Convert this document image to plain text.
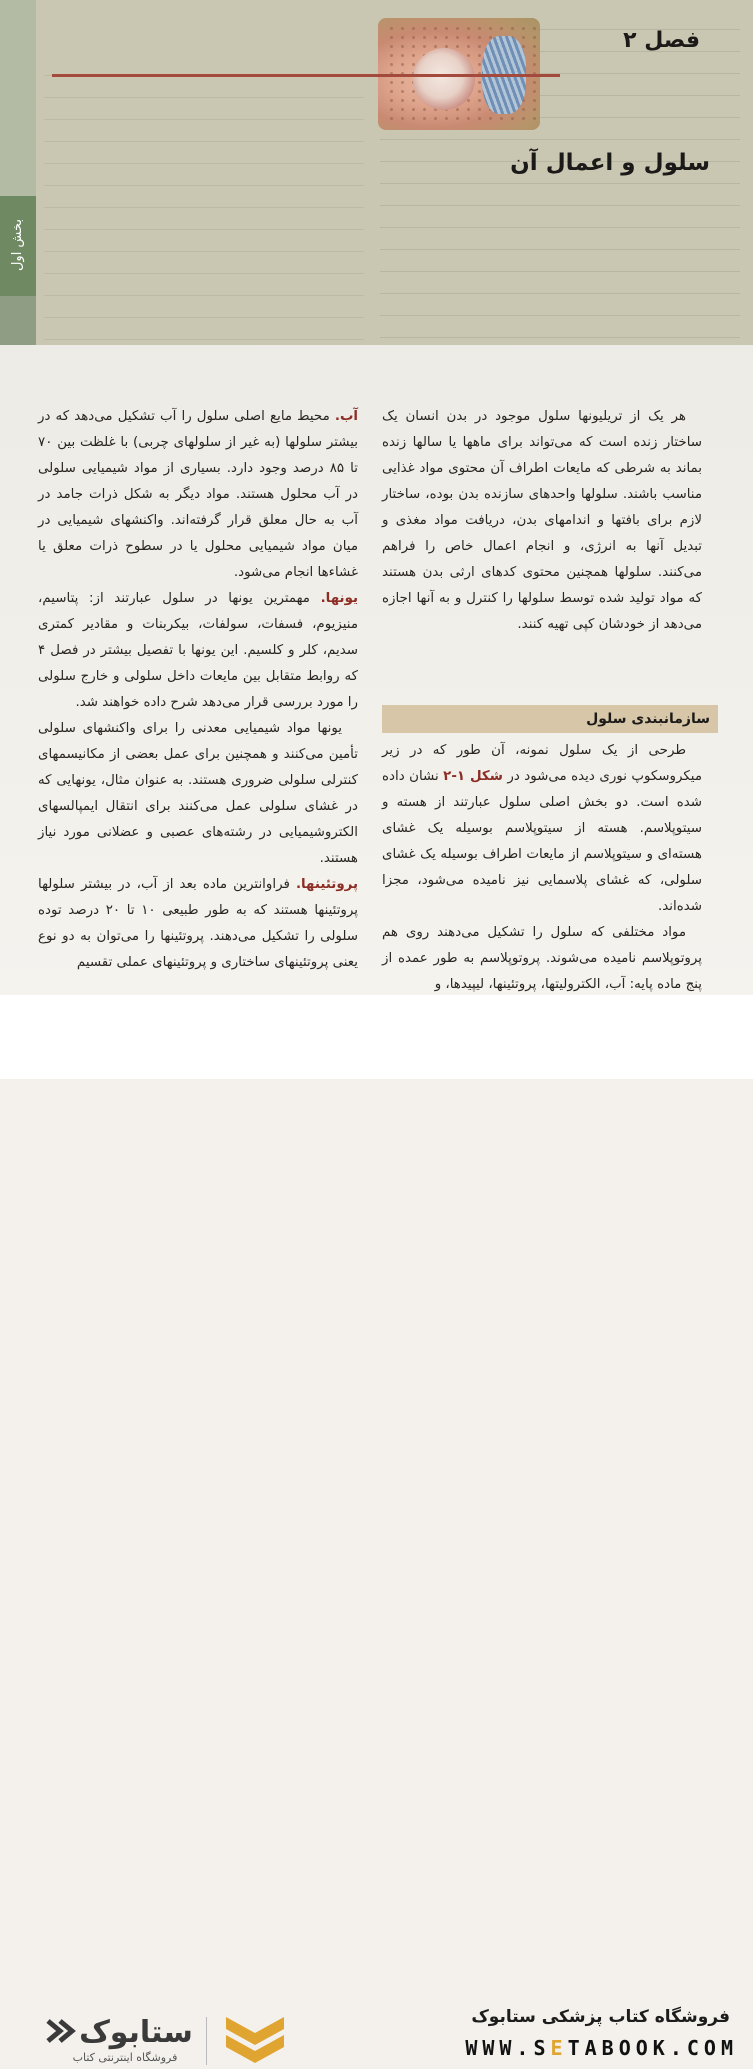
بخش اول
فصل ۲
سلول و اعمال آن

هر یک از تریلیونها سلول موجود در بدن انسان یک ساختار زنده است که می‌تواند برای ماهها یا سالها زنده بماند به شرطی که مایعات اطراف آن محتوی مواد غذایی مناسب باشند. سلولها واحدهای سازنده بدن بوده، ساختار لازم برای بافتها و اندامهای بدن، دریافت مواد مغذی و تبدیل آنها به انرژی، و انجام اعمال خاص را فراهم می‌کنند. سلولها همچنین محتوی کدهای ارثی بدن هستند که مواد تولید شده توسط سلولها را کنترل و به آنها اجازه می‌دهد از خودشان کپی تهیه کنند.

سازمانبندی سلول

طرحی از یک سلول نمونه، آن طور که در زیر میکروسکوپ نوری دیده می‌شود در شکل ۱-۲ نشان داده شده است. دو بخش اصلی سلول عبارتند از هسته و سیتوپلاسم. هسته از سیتوپلاسم بوسیله یک غشای هسته‌ای و سیتوپلاسم از مایعات اطراف بوسیله یک غشای سلولی، که غشای پلاسمایی نیز نامیده می‌شود، مجزا شده‌اند.

مواد مختلفی که سلول را تشکیل می‌دهند روی هم پروتوپلاسم نامیده می‌شوند. پروتوپلاسم به طور عمده از پنج ماده پایه: آب، الکترولیتها، پروتئینها، لیپیدها، و

آب. محیط مایع اصلی سلول را آب تشکیل می‌دهد که در بیشتر سلولها (به غیر از سلولهای چربی) با غلظت بین ۷۰ تا ۸۵ درصد وجود دارد. بسیاری از مواد شیمیایی سلولی در آب محلول هستند. مواد دیگر به شکل ذرات جامد در آب به حال معلق قرار گرفته‌اند. واکنشهای شیمیایی در میان مواد شیمیایی محلول یا در سطوح ذرات معلق یا غشاءها انجام می‌شود.

یونها. مهمترین یونها در سلول عبارتند از: پتاسیم، منیزیوم، فسفات، سولفات، بیکربنات و مقادیر کمتری سدیم، کلر و کلسیم. این یونها با تفصیل بیشتر در فصل ۴ که روابط متقابل بین مایعات داخل سلولی و خارج سلولی را مورد بررسی قرار می‌دهد شرح داده خواهند شد.

یونها مواد شیمیایی معدنی را برای واکنشهای سلولی تأمین می‌کنند و همچنین برای عمل بعضی از مکانیسمهای کنترلی سلولی ضروری هستند. به عنوان مثال، یونهایی که در غشای سلولی عمل می‌کنند برای انتقال ایمپالسهای الکتروشیمیایی در رشته‌های عصبی و عضلانی مورد نیاز هستند.

پروتئینها. فراوانترین ماده بعد از آب، در بیشتر سلولها پروتئینها هستند که به طور طبیعی ۱۰ تا ۲۰ درصد توده سلولی را تشکیل می‌دهند. پروتئینها را می‌توان به دو نوع یعنی پروتئینهای ساختاری و پروتئینهای عملی تقسیم

فروشگاه کتاب پزشکی ستابوک
WWW.SETABOOK.COM
ستابوک
فروشگاه اینترنتی کتاب
